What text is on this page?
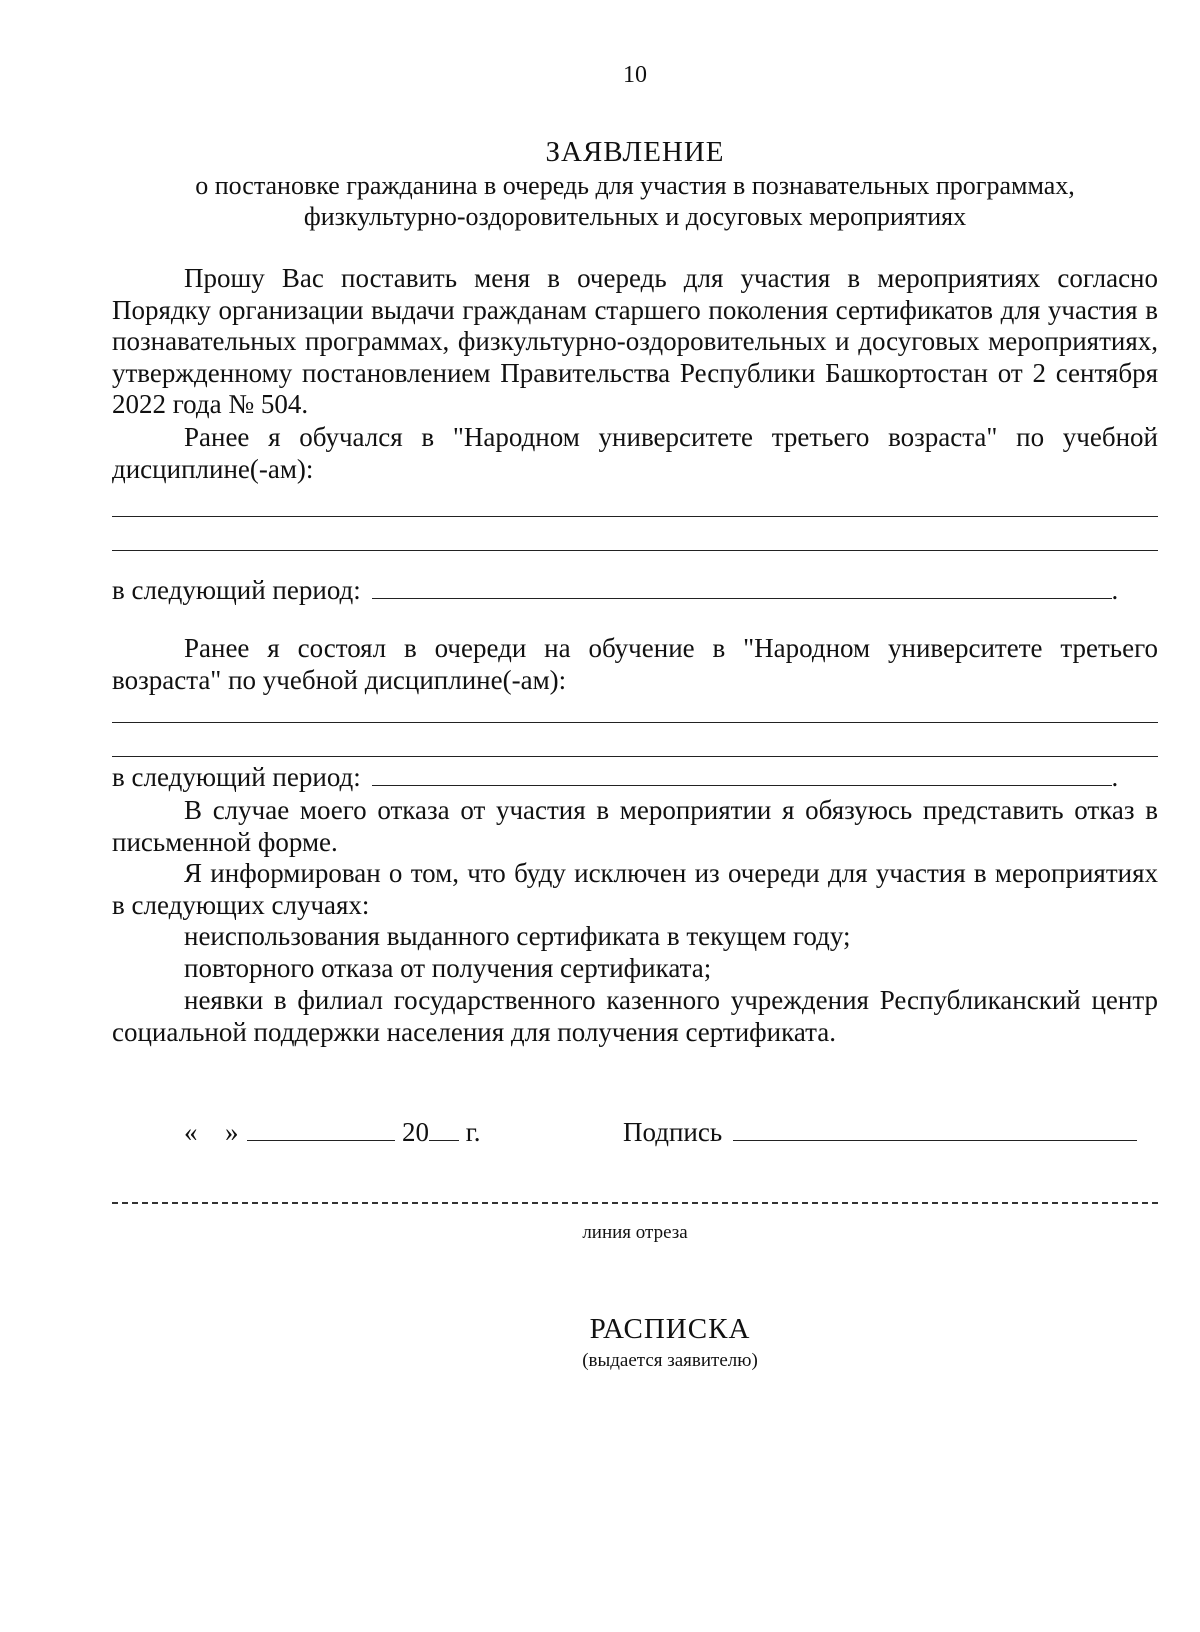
10
ЗАЯВЛЕНИЕ
о постановке гражданина в очередь для участия в познавательных программах,
физкультурно-оздоровительных и досуговых мероприятиях
Прошу Вас поставить меня в очередь для участия в мероприятиях согласно Порядку организации выдачи гражданам старшего поколения сертификатов для участия в познавательных программах, физкультурно-оздоровительных и досуговых мероприятиях, утвержденному постановлением Правительства Республики Башкортостан от 2 сентября 2022 года № 504.
Ранее я обучался в "Народном университете третьего возраста" по учебной дисциплине(-ам):
в следующий период:	.
Ранее я состоял в очереди на обучение в "Народном университете третьего возраста" по учебной дисциплине(-ам):
в следующий период:	.
В случае моего отказа от участия в мероприятии я обязуюсь представить отказ в письменной форме.
Я информирован о том, что буду исключен из очереди для участия в мероприятиях в следующих случаях:
неиспользования выданного сертификата в текущем году;
повторного отказа от получения сертификата;
неявки в филиал государственного казенного учреждения Республиканский центр социальной поддержки населения для получения сертификата.
« »	20 г.	Подпись
линия отреза
РАСПИСКА
(выдается заявителю)
